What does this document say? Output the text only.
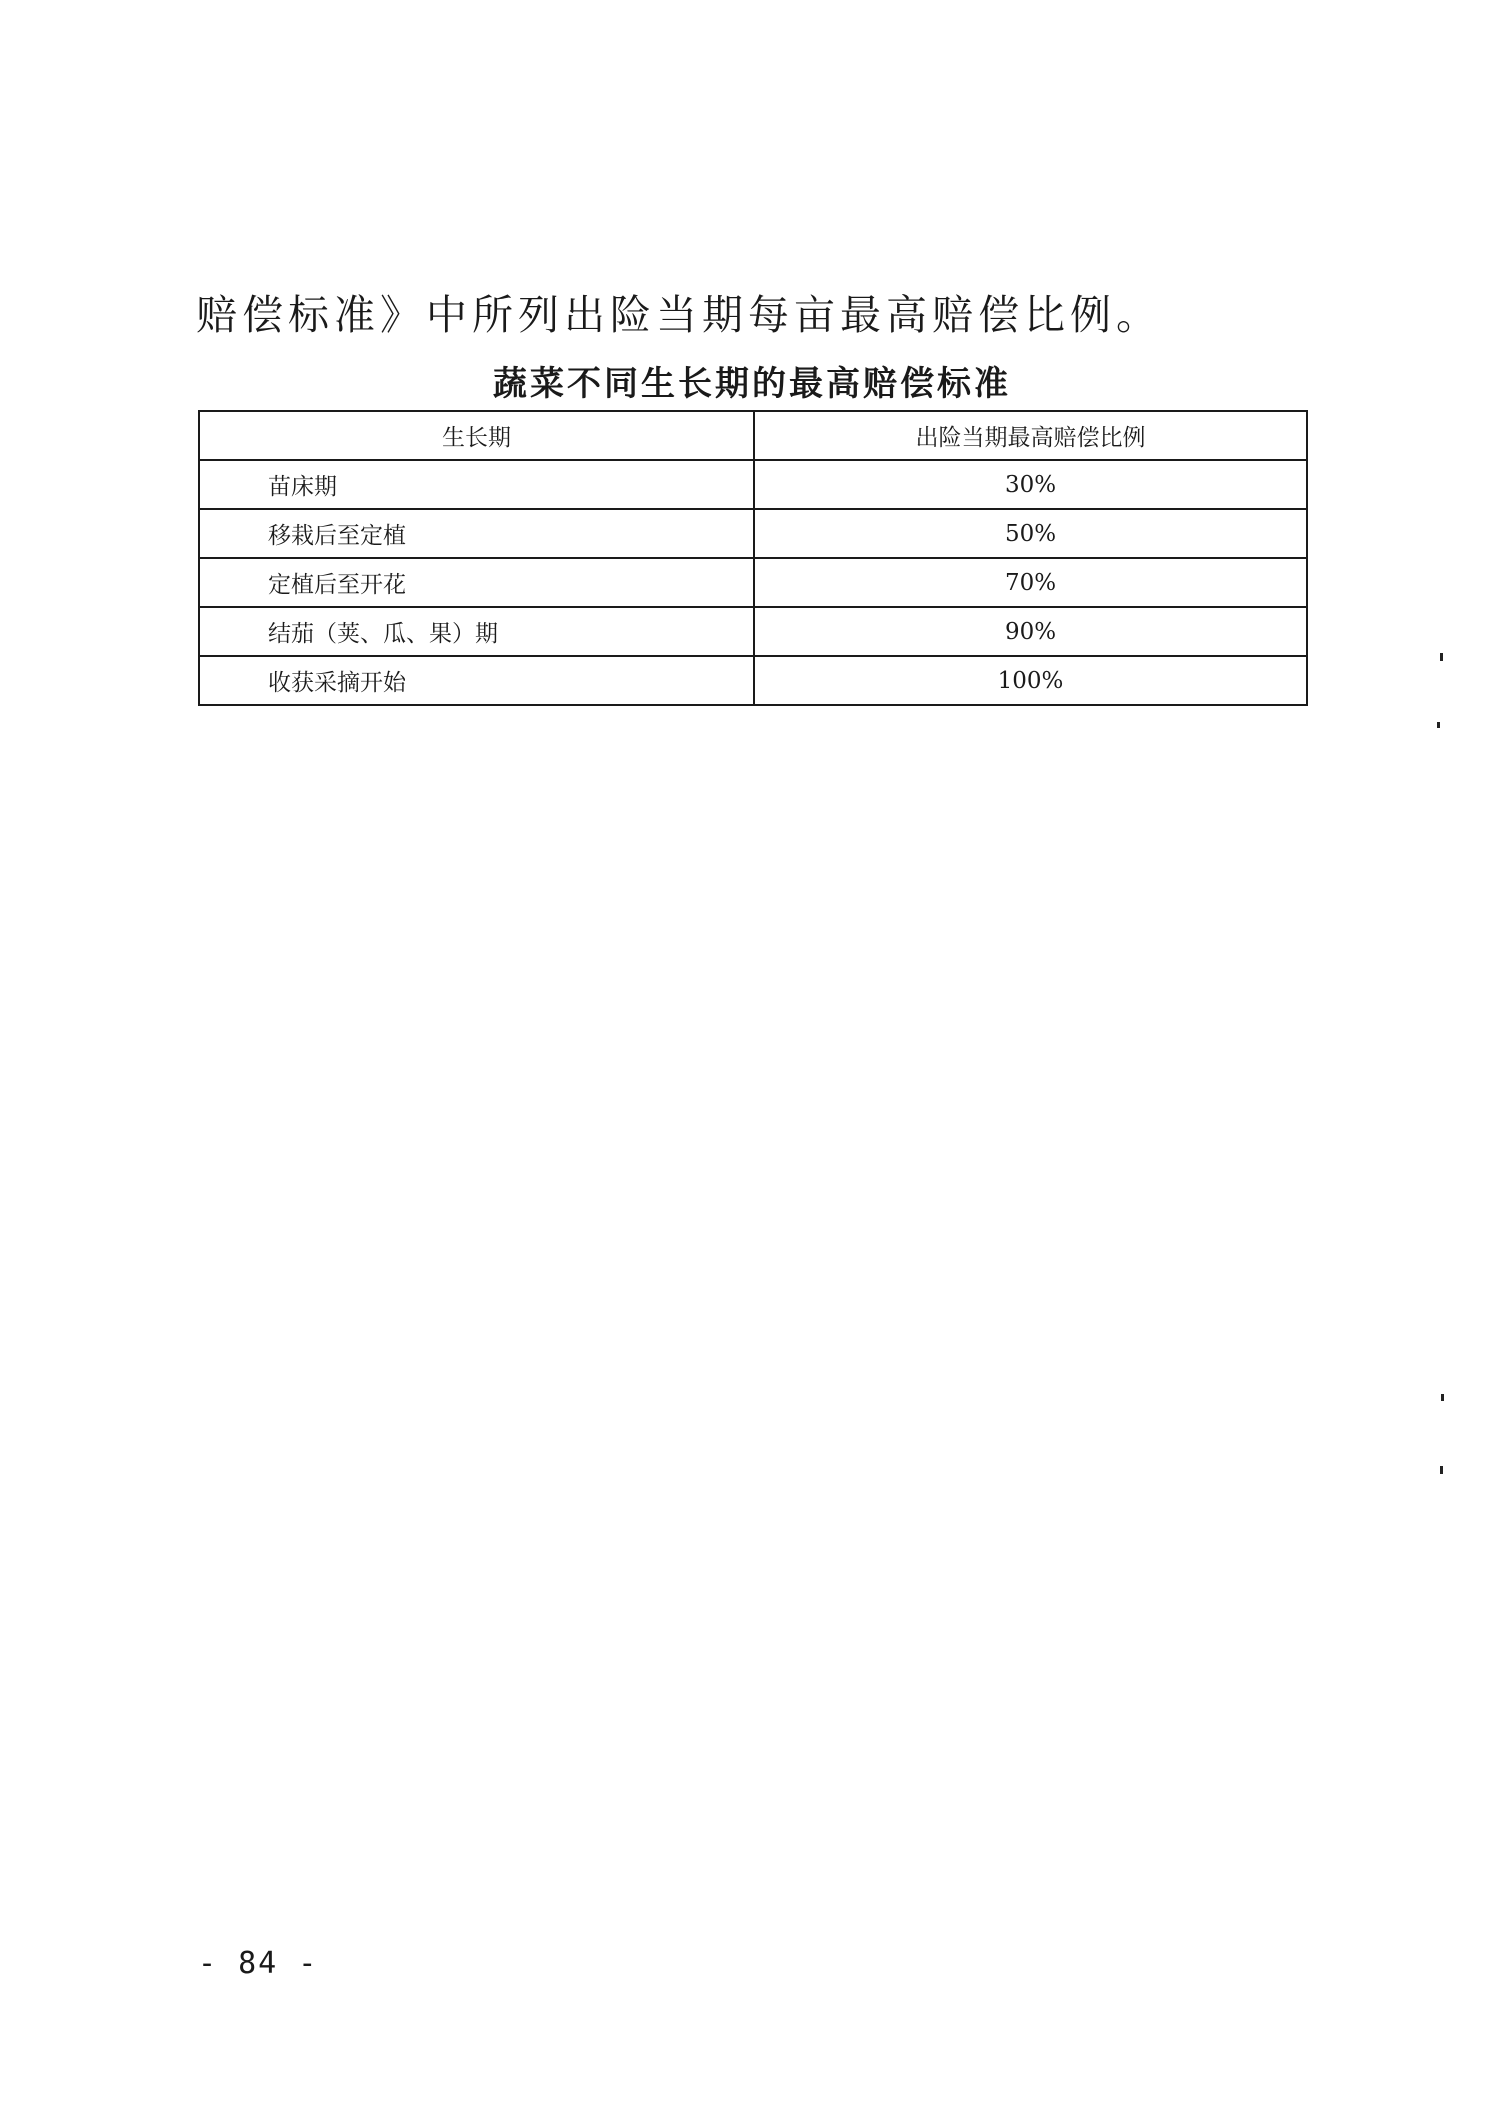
赔偿标准》中所列出险当期每亩最高赔偿比例。
蔬菜不同生长期的最高赔偿标准
生长期	出险当期最高赔偿比例
苗床期	30%
移栽后至定植	50%
定植后至开花	70%
结茄（荚、瓜、果）期	90%
收获采摘开始	100%
- 84 -
